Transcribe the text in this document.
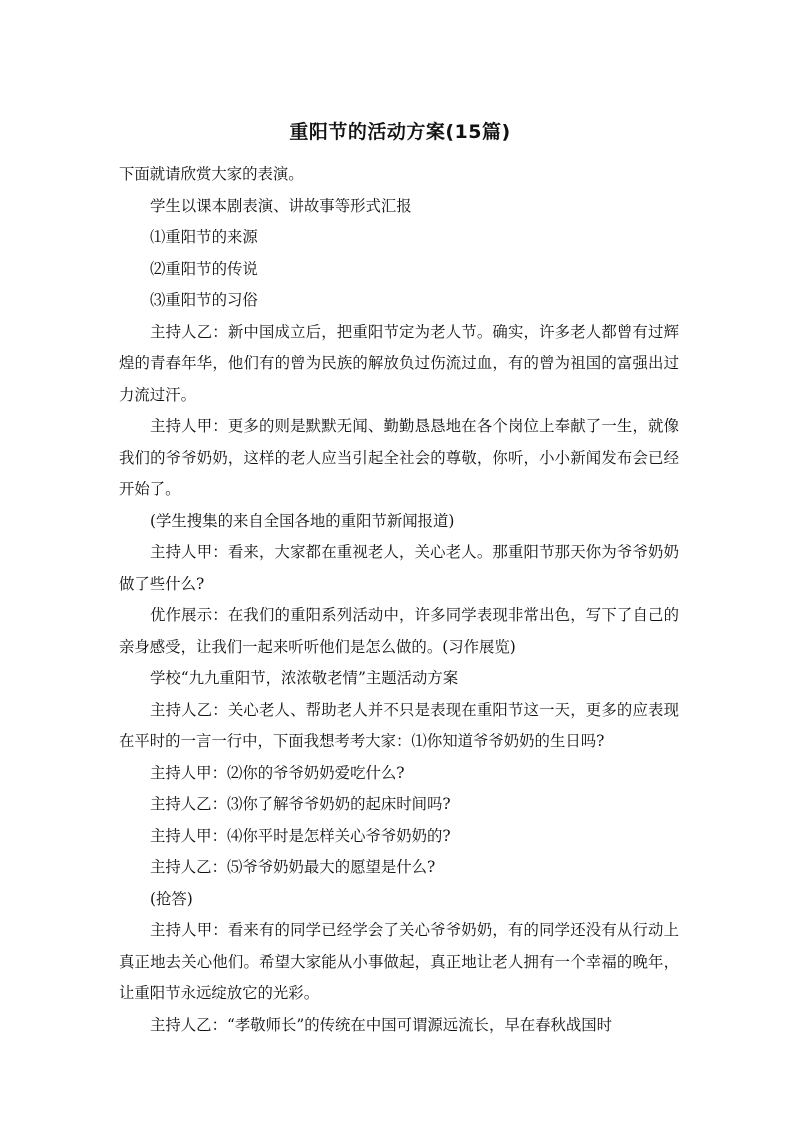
重阳节的活动方案(15篇)

下面就请欣赏大家的表演。

学生以课本剧表演、讲故事等形式汇报

⑴重阳节的来源

⑵重阳节的传说

⑶重阳节的习俗

主持人乙：新中国成立后，把重阳节定为老人节。确实，许多老人都曾有过辉煌的青春年华，他们有的曾为民族的解放负过伤流过血，有的曾为祖国的富强出过力流过汗。

主持人甲：更多的则是默默无闻、勤勤恳恳地在各个岗位上奉献了一生，就像我们的爷爷奶奶，这样的老人应当引起全社会的尊敬，你听，小小新闻发布会已经开始了。

(学生搜集的来自全国各地的重阳节新闻报道)

主持人甲：看来，大家都在重视老人，关心老人。那重阳节那天你为爷爷奶奶做了些什么?

优作展示：在我们的重阳系列活动中，许多同学表现非常出色，写下了自己的亲身感受，让我们一起来听听他们是怎么做的。(习作展览)

学校“九九重阳节，浓浓敬老情”主题活动方案

主持人乙：关心老人、帮助老人并不只是表现在重阳节这一天，更多的应表现在平时的一言一行中，下面我想考考大家：⑴你知道爷爷奶奶的生日吗?

主持人甲：⑵你的爷爷奶奶爱吃什么?

主持人乙：⑶你了解爷爷奶奶的起床时间吗?

主持人甲：⑷你平时是怎样关心爷爷奶奶的?

主持人乙：⑸爷爷奶奶最大的愿望是什么?

(抢答)

主持人甲：看来有的同学已经学会了关心爷爷奶奶，有的同学还没有从行动上真正地去关心他们。希望大家能从小事做起，真正地让老人拥有一个幸福的晚年，让重阳节永远绽放它的光彩。

主持人乙：“孝敬师长”的传统在中国可谓源远流长，早在春秋战国时
